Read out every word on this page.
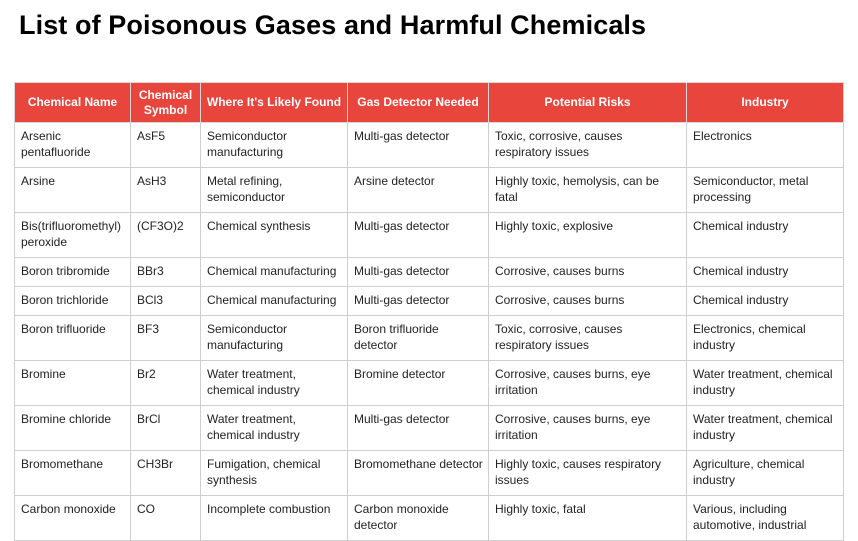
List of Poisonous Gases and Harmful Chemicals
Chemical Name	Chemical Symbol	Where It's Likely Found	Gas Detector Needed	Potential Risks	Industry
Arsenic pentafluoride	AsF5	Semiconductor manufacturing	Multi-gas detector	Toxic, corrosive, causes respiratory issues	Electronics
Arsine	AsH3	Metal refining, semiconductor	Arsine detector	Highly toxic, hemolysis, can be fatal	Semiconductor, metal processing
Bis(trifluoromethyl) peroxide	(CF3O)2	Chemical synthesis	Multi-gas detector	Highly toxic, explosive	Chemical industry
Boron tribromide	BBr3	Chemical manufacturing	Multi-gas detector	Corrosive, causes burns	Chemical industry
Boron trichloride	BCl3	Chemical manufacturing	Multi-gas detector	Corrosive, causes burns	Chemical industry
Boron trifluoride	BF3	Semiconductor manufacturing	Boron trifluoride detector	Toxic, corrosive, causes respiratory issues	Electronics, chemical industry
Bromine	Br2	Water treatment, chemical industry	Bromine detector	Corrosive, causes burns, eye irritation	Water treatment, chemical industry
Bromine chloride	BrCl	Water treatment, chemical industry	Multi-gas detector	Corrosive, causes burns, eye irritation	Water treatment, chemical industry
Bromomethane	CH3Br	Fumigation, chemical synthesis	Bromomethane detector	Highly toxic, causes respiratory issues	Agriculture, chemical industry
Carbon monoxide	CO	Incomplete combustion	Carbon monoxide detector	Highly toxic, fatal	Various, including automotive, industrial
